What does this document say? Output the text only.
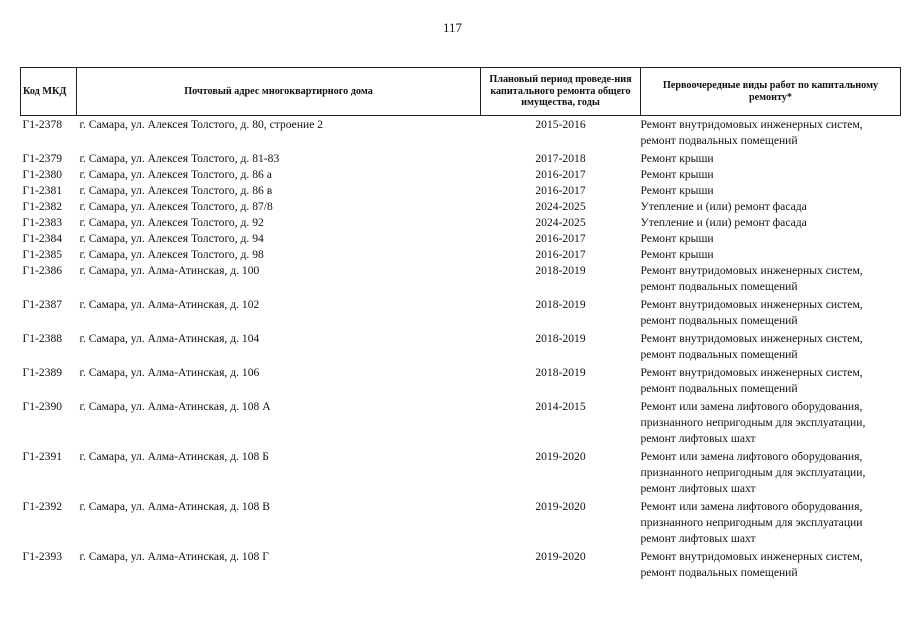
117
Код МКД	Почтовый адрес многоквартирного дома	Плановый период проведе-ния капитального ремонта общего имущества, годы	Первоочередные виды работ по капитальному ремонту*
Г1-2378	г. Самара, ул. Алексея Толстого, д. 80, строение 2	2015-2016	Ремонт внутридомовых инженерных систем,
ремонт подвальных помещений

Г1-2379	г. Самара, ул. Алексея Толстого, д. 81-83	2017-2018	Ремонт крыши

Г1-2380	г. Самара, ул. Алексея Толстого, д. 86 а	2016-2017	Ремонт крыши

Г1-2381	г. Самара, ул. Алексея Толстого, д. 86 в	2016-2017	Ремонт крыши

Г1-2382	г. Самара, ул. Алексея Толстого, д. 87/8	2024-2025	Утепление и (или) ремонт фасада

Г1-2383	г. Самара, ул. Алексея Толстого, д. 92	2024-2025	Утепление и (или) ремонт фасада

Г1-2384	г. Самара, ул. Алексея Толстого, д. 94	2016-2017	Ремонт крыши

Г1-2385	г. Самара, ул. Алексея Толстого, д. 98	2016-2017	Ремонт крыши

Г1-2386	г. Самара, ул. Алма-Атинская, д. 100	2018-2019	Ремонт внутридомовых инженерных систем,
ремонт подвальных помещений

Г1-2387	г. Самара, ул. Алма-Атинская, д. 102	2018-2019	Ремонт внутридомовых инженерных систем,
ремонт подвальных помещений

Г1-2388	г. Самара, ул. Алма-Атинская, д. 104	2018-2019	Ремонт внутридомовых инженерных систем,
ремонт подвальных помещений

Г1-2389	г. Самара, ул. Алма-Атинская, д. 106	2018-2019	Ремонт внутридомовых инженерных систем,
ремонт подвальных помещений

Г1-2390	г. Самара, ул. Алма-Атинская, д. 108 А	2014-2015	Ремонт или замена лифтового оборудования,
признанного непригодным для эксплуатации,
ремонт лифтовых шахт

Г1-2391	г. Самара, ул. Алма-Атинская, д. 108 Б	2019-2020	Ремонт или замена лифтового оборудования,
признанного непригодным для эксплуатации,
ремонт лифтовых шахт

Г1-2392	г. Самара, ул. Алма-Атинская, д. 108 В	2019-2020	Ремонт или замена лифтового оборудования,
признанного непригодным для эксплуатации
ремонт лифтовых шахт

Г1-2393	г. Самара, ул. Алма-Атинская, д. 108 Г	2019-2020	Ремонт внутридомовых инженерных систем,
ремонт подвальных помещений
